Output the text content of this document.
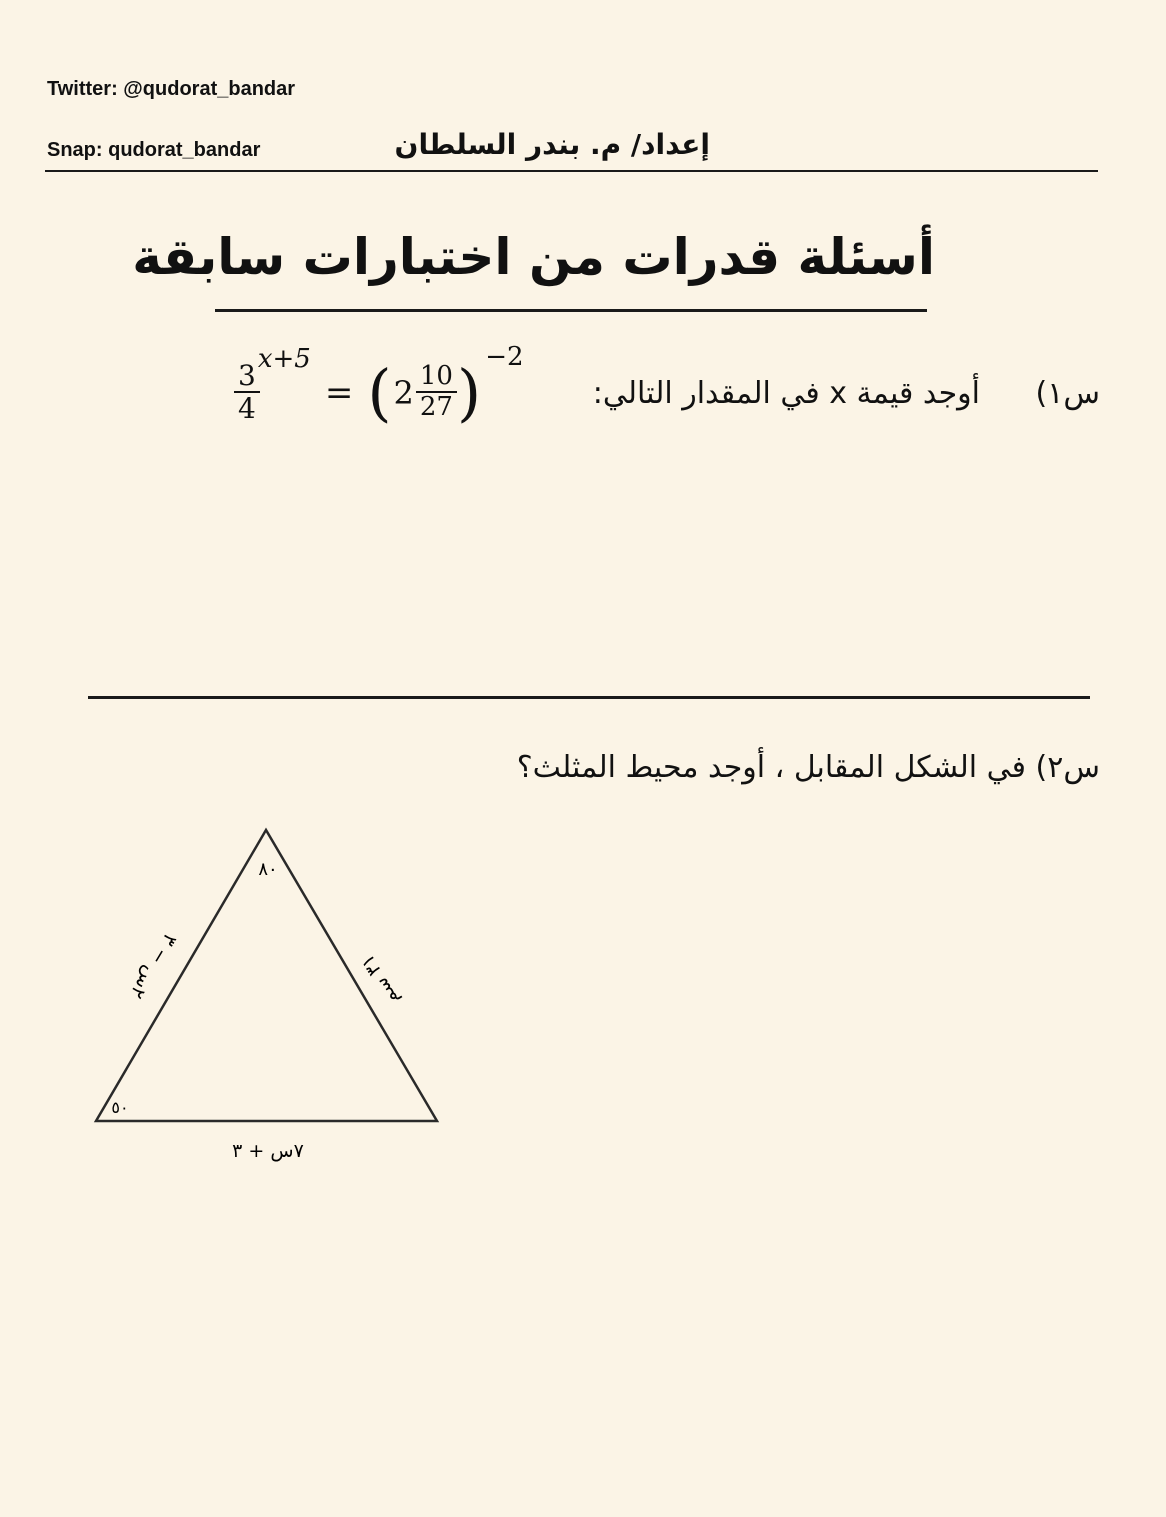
Twitter: @qudorat_bandar
Snap: qudorat_bandar	إعداد/ م. بندر السلطان
أسئلة قدرات من اختبارات سابقة
س١)
أوجد قيمة x في المقدار التالي:
$\frac{3}{4}$
x+5
= ( $2 \frac{10}{27}$ ) −2
س٢) في الشكل المقابل ، أوجد محيط المثلث؟
٨٠
٥٠
٢س − ٣	٣١ سم
٧س + ٣
